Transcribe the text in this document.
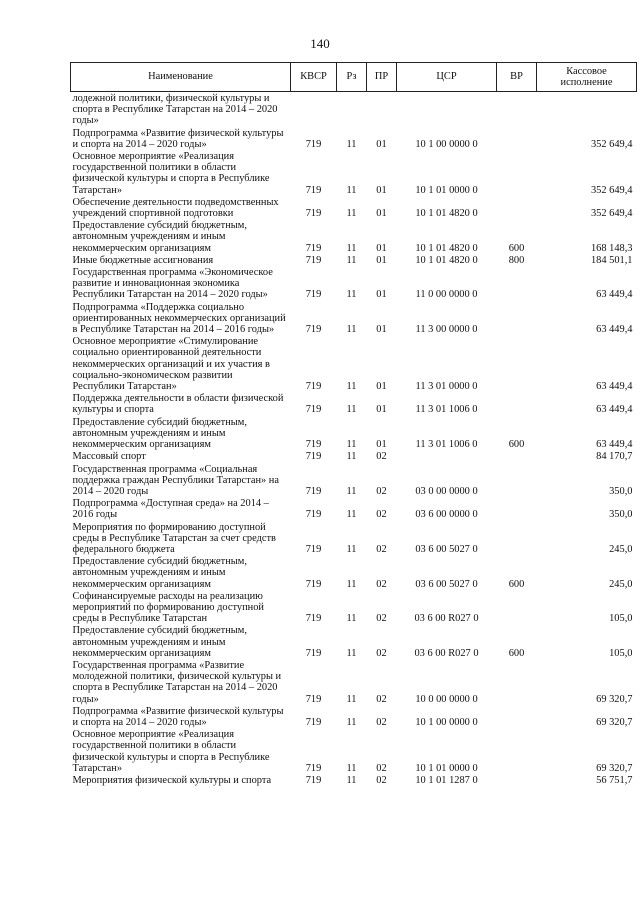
140
Наименование	КВСР	Рз	ПР	ЦСР	ВР	Кассовое исполнение
лодежной политики, физической культуры и спорта в Республике Татарстан на 2014 – 2020 годы»						
Подпрограмма «Развитие физической культуры и спорта на 2014 – 2020 годы»	719	11	01	10 1 00 0000 0		352 649,4
Основное мероприятие «Реализация государственной политики в области физической культуры и спорта в Республике Татарстан»	719	11	01	10 1 01 0000 0		352 649,4
Обеспечение деятельности подведомственных учреждений спортивной подготовки	719	11	01	10 1 01 4820 0		352 649,4
Предоставление субсидий бюджетным, автономным учреждениям и иным некоммерческим организациям	719	11	01	10 1 01 4820 0	600	168 148,3
Иные бюджетные ассигнования	719	11	01	10 1 01 4820 0	800	184 501,1
Государственная программа «Экономическое развитие и инновационная экономика Республики Татарстан на 2014 – 2020 годы»	719	11	01	11 0 00 0000 0		63 449,4
Подпрограмма «Поддержка социально ориентированных некоммерческих организаций в Республике Татарстан на 2014 – 2016 годы»	719	11	01	11 3 00 0000 0		63 449,4
Основное мероприятие «Стимулирование социально ориентированной деятельности некоммерческих организаций и их участия в социально-экономическом развитии Республики Татарстан»	719	11	01	11 3 01 0000 0		63 449,4
Поддержка деятельности в области физической культуры и спорта	719	11	01	11 3 01 1006 0		63 449,4
Предоставление субсидий бюджетным, автономным учреждениям и иным некоммерческим организациям	719	11	01	11 3 01 1006 0	600	63 449,4
Массовый спорт	719	11	02			84 170,7
Государственная программа «Социальная поддержка граждан Республики Татарстан» на 2014 – 2020 годы	719	11	02	03 0 00 0000 0		350,0
Подпрограмма «Доступная среда» на 2014 – 2016 годы	719	11	02	03 6 00 0000 0		350,0
Мероприятия по формированию доступной среды в Республике Татарстан за счет средств федерального бюджета	719	11	02	03 6 00 5027 0		245,0
Предоставление субсидий бюджетным, автономным учреждениям и иным некоммерческим организациям	719	11	02	03 6 00 5027 0	600	245,0
Софинансируемые расходы на реализацию мероприятий по формированию доступной среды в Республике Татарстан	719	11	02	03 6 00 R027 0		105,0
Предоставление субсидий бюджетным, автономным учреждениям и иным некоммерческим организациям	719	11	02	03 6 00 R027 0	600	105,0
Государственная программа «Развитие молодежной политики, физической культуры и спорта в Республике Татарстан на 2014 – 2020 годы»	719	11	02	10 0 00 0000 0		69 320,7
Подпрограмма «Развитие физической культуры и спорта на 2014 – 2020 годы»	719	11	02	10 1 00 0000 0		69 320,7
Основное мероприятие «Реализация государственной политики в области физической культуры и спорта в Республике Татарстан»	719	11	02	10 1 01 0000 0		69 320,7
Мероприятия физической культуры и спорта	719	11	02	10 1 01 1287 0		56 751,7
